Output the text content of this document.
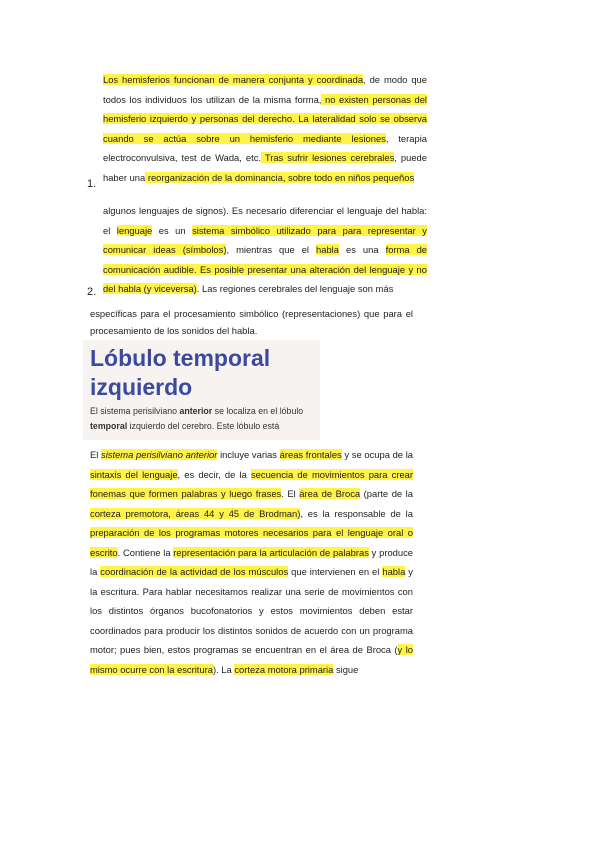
Los hemisferios funcionan de manera conjunta y coordinada, de modo que todos los individuos los utilizan de la misma forma, no existen personas del hemisferio izquierdo y personas del derecho. La lateralidad solo se observa cuando se actúa sobre un hemisferio mediante lesiones, terapia electroconvulsiva, test de Wada, etc. Tras sufrir lesiones cerebrales, puede haber una reorganización de la dominancia, sobre todo en niños pequeños

1.

algunos lenguajes de signos). Es necesario diferenciar el lenguaje del habla: el lenguaje es un sistema simbólico utilizado para para representar y comunicar ideas (símbolos), mientras que el habla es una forma de comunicación audible. Es posible presentar una alteración del lenguaje y no del habla (y viceversa). Las regiones cerebrales del lenguaje son más

2.

específicas para el procesamiento simbólico (representaciones) que para el procesamiento de los sonidos del habla.

Lóbulo temporal izquierdo

El sistema perisilviano anterior se localiza en el lóbulo temporal izquierdo del cerebro. Este lóbulo está

El sistema perisilviano anterior incluye varias áreas frontales y se ocupa de la sintaxis del lenguaje, es decir, de la secuencia de movimientos para crear fonemas que formen palabras y luego frases. El área de Broca (parte de la corteza premotora, áreas 44 y 45 de Brodman), es la responsable de la preparación de los programas motores necesarios para el lenguaje oral o escrito. Contiene la representación para la articulación de palabras y produce la coordinación de la actividad de los músculos que intervienen en el habla y la escritura. Para hablar necesitamos realizar una serie de movimientos con los distintos órganos bucofonatorios y estos movimientos deben estar coordinados para producir los distintos sonidos de acuerdo con un programa motor; pues bien, estos programas se encuentran en el área de Broca (y lo mismo ocurre con la escritura). La corteza motora primaria sigue
